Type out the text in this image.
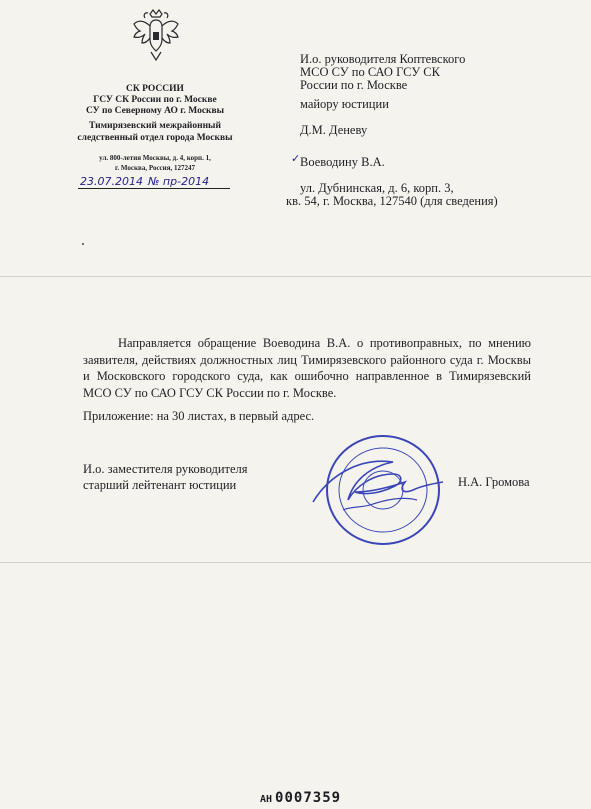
СК РОССИИ
ГСУ СК России по г. Москве
СУ по Северному АО г. Москвы
Тимирязевский межрайонный
следственный отдел города Москвы
ул. 800-летия Москвы, д. 4, корп. 1,
г. Москва, Россия, 127247
23.07.2014 № пр-2014
И.о. руководителя Коптевского
МСО СУ по САО ГСУ СК
России по г. Москве
майору юстиции
Д.М. Деневу
✓ Воеводину В.А.
ул. Дубнинская, д. 6, корп. 3,
кв. 54, г. Москва, 127540 (для сведения)

Направляется обращение Воеводина В.А. о противоправных, по мнению заявителя, действиях должностных лиц Тимирязевского районного суда г. Москвы и Московского городского суда, как ошибочно направленное в Тимирязевский МСО СУ по САО ГСУ СК России по г. Москве.

Приложение: на 30 листах, в первый адрес.
И.о. заместителя руководителя
старший лейтенант юстиции	Н.А. Громова
АН 0007359
